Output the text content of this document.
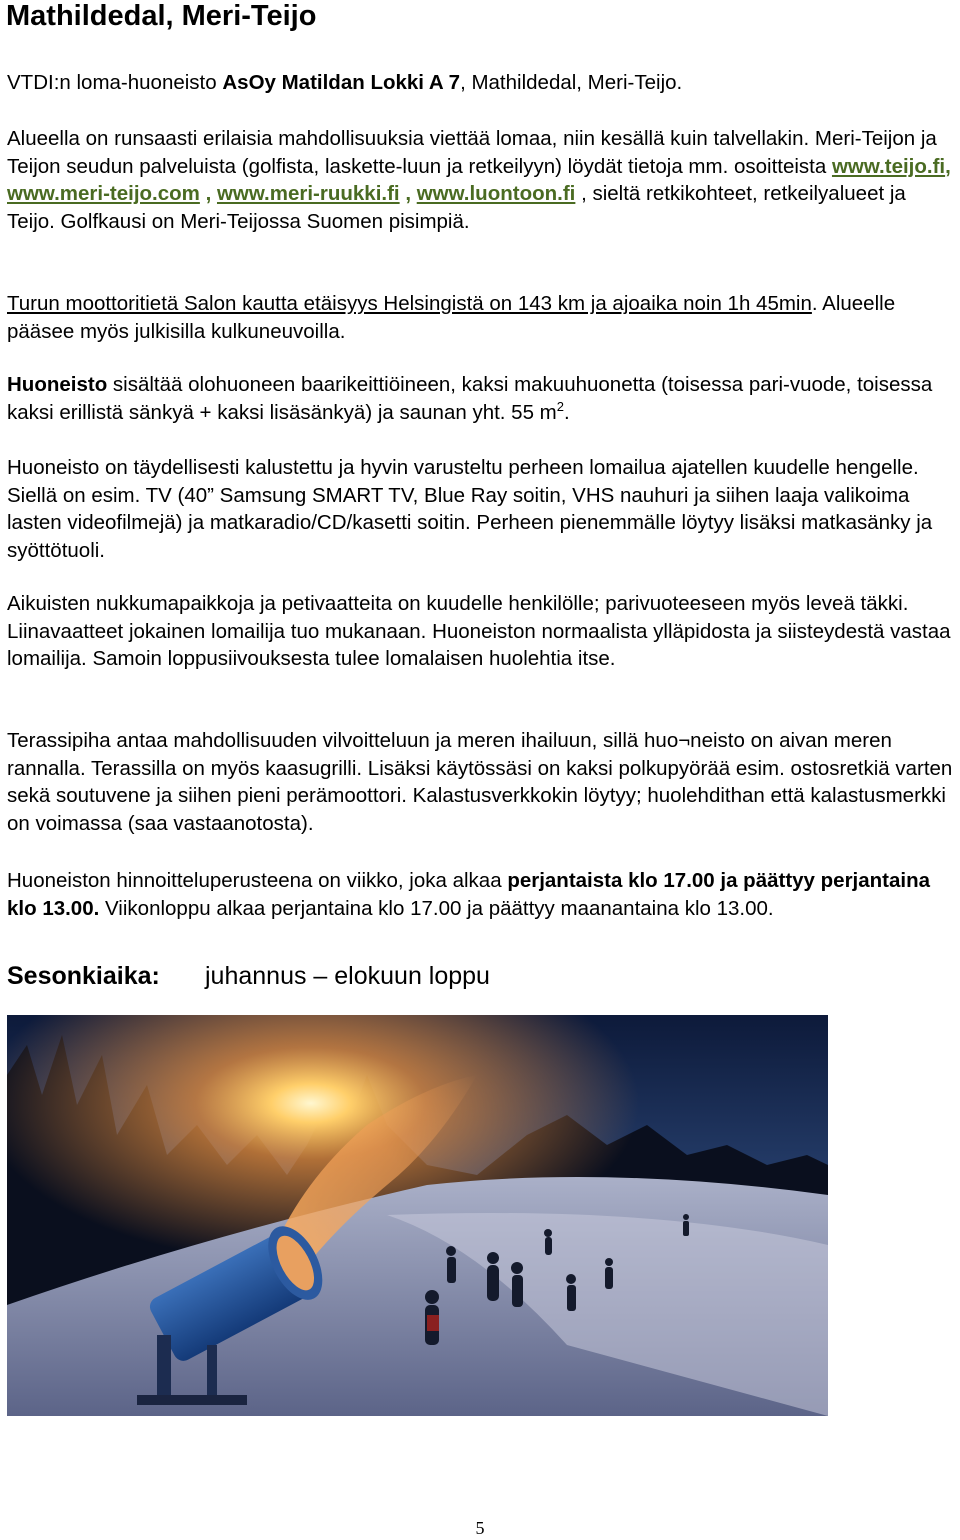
Mathildedal, Meri-Teijo

VTDI:n loma-huoneisto AsOy Matildan Lokki A 7, Mathildedal, Meri-Teijo.

Alueella on runsaasti erilaisia mahdollisuuksia viettää lomaa, niin kesällä kuin talvellakin. Meri-Teijon ja Teijon seudun palveluista (golfista, laskette-luun ja retkeilyyn) löydät tietoja mm. osoitteista www.teijo.fi, www.meri-teijo.com , www.meri-ruukki.fi , www.luontoon.fi , sieltä retkikohteet, retkeilyalueet ja Teijo. Golfkausi on Meri-Teijossa Suomen pisimpiä.

Turun moottoritietä Salon kautta etäisyys Helsingistä on 143 km ja ajoaika noin 1h 45min. Alueelle pääsee myös julkisilla kulkuneuvoilla.

Huoneisto sisältää olohuoneen baarikeittiöineen, kaksi makuuhuonetta (toisessa pari-vuode, toisessa kaksi erillistä sänkyä + kaksi lisäsänkyä) ja saunan yht. 55 $m^2$.

Huoneisto on täydellisesti kalustettu ja hyvin varusteltu perheen lomailua ajatellen kuudelle hengelle. Siellä on esim. TV (40” Samsung SMART TV, Blue Ray soitin, VHS nauhuri ja siihen laaja valikoima lasten videofilmejä) ja matkaradio/CD/kasetti soitin. Perheen pienemmälle löytyy lisäksi matkasänky ja syöttötuoli.

Aikuisten nukkumapaikkoja ja petivaatteita on kuudelle henkilölle; parivuoteeseen myös leveä täkki. Liinavaatteet jokainen lomailija tuo mukanaan. Huoneiston normaalista ylläpidosta ja siisteydestä vastaa lomailija. Samoin loppusiivouksesta tulee lomalaisen huolehtia itse.

Terassipiha antaa mahdollisuuden vilvoitteluun ja meren ihailuun, sillä huo¬neisto on aivan meren rannalla. Terassilla on myös kaasugrilli. Lisäksi käytössäsi on kaksi polkupyörää esim. ostosretkiä varten sekä soutuvene ja siihen pieni perämoottori. Kalastusverkkokin löytyy; huolehdithan että kalastusmerkki on voimassa (saa vastaanotosta).

Huoneiston hinnoitteluperusteena on viikko, joka alkaa perjantaista klo 17.00 ja päättyy perjantaina klo 13.00. Viikonloppu alkaa perjantaina klo 17.00 ja päättyy maanantaina klo 13.00.

Sesonkiaika: juhannus – elokuun loppu

5
